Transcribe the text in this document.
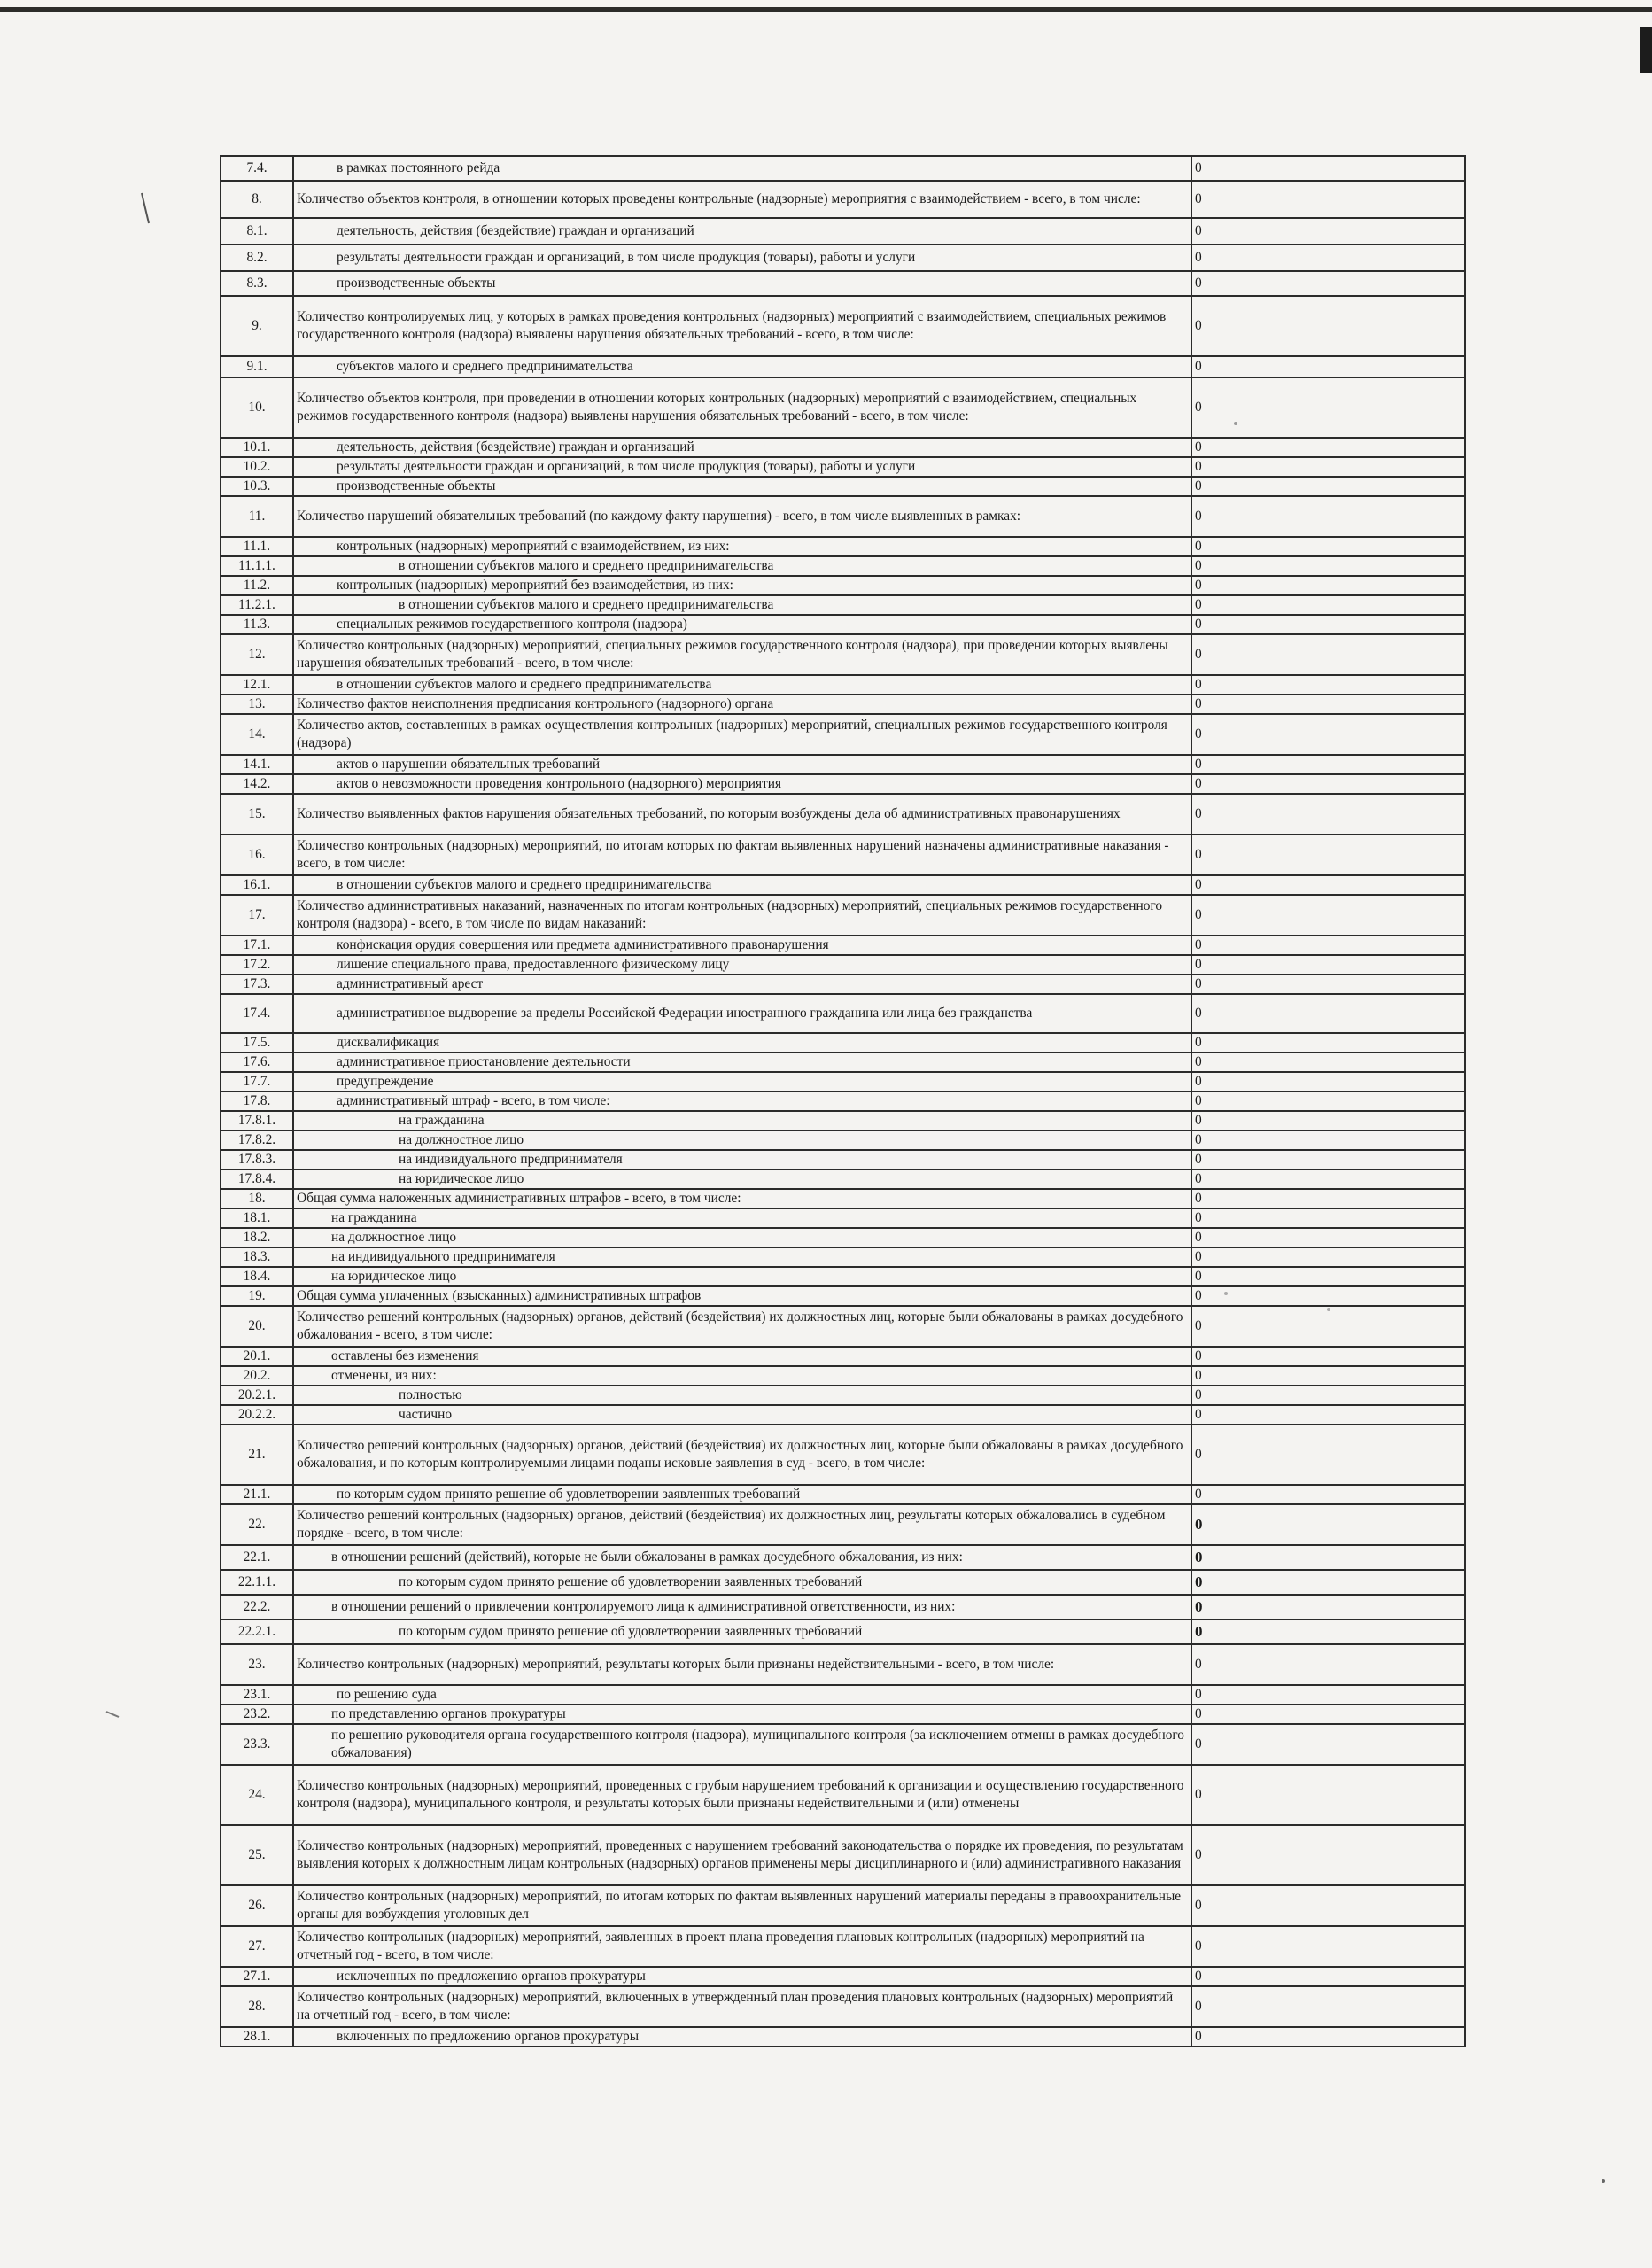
7.4.	в рамках постоянного рейда	0
8.	Количество объектов контроля, в отношении которых проведены контрольные (надзорные) мероприятия с взаимодействием - всего, в том числе:	0
8.1.	деятельность, действия (бездействие) граждан и организаций	0
8.2.	результаты деятельности граждан и организаций, в том числе продукция (товары), работы и услуги	0
8.3.	производственные объекты	0
9.	Количество контролируемых лиц, у которых в рамках проведения контрольных (надзорных) мероприятий с взаимодействием, специальных режимов государственного контроля (надзора) выявлены нарушения обязательных требований - всего, в том числе:	0
9.1.	субъектов малого и среднего предпринимательства	0
10.	Количество объектов контроля, при проведении в отношении которых контрольных (надзорных) мероприятий с взаимодействием, специальных режимов государственного контроля (надзора) выявлены нарушения обязательных требований - всего, в том числе:	0
10.1.	деятельность, действия (бездействие) граждан и организаций	0
10.2.	результаты деятельности граждан и организаций, в том числе продукция (товары), работы и услуги	0
10.3.	производственные объекты	0
11.	Количество нарушений обязательных требований (по каждому факту нарушения) - всего, в том числе выявленных в рамках:	0
11.1.	контрольных (надзорных) мероприятий с взаимодействием, из них:	0
11.1.1.	в отношении субъектов малого и среднего предпринимательства	0
11.2.	контрольных (надзорных) мероприятий без взаимодействия, из них:	0
11.2.1.	в отношении субъектов малого и среднего предпринимательства	0
11.3.	специальных режимов государственного контроля (надзора)	0
12.	Количество контрольных (надзорных) мероприятий, специальных режимов государственного контроля (надзора), при проведении которых выявлены нарушения обязательных требований - всего, в том числе:	0
12.1.	в отношении субъектов малого и среднего предпринимательства	0
13.	Количество фактов неисполнения предписания контрольного (надзорного) органа	0
14.	Количество актов, составленных в рамках осуществления контрольных (надзорных) мероприятий, специальных режимов государственного контроля (надзора)	0
14.1.	актов о нарушении обязательных требований	0
14.2.	актов о невозможности проведения контрольного (надзорного) мероприятия	0
15.	Количество выявленных фактов нарушения обязательных требований, по которым возбуждены дела об административных правонарушениях	0
16.	Количество контрольных (надзорных) мероприятий, по итогам которых по фактам выявленных нарушений назначены административные наказания - всего, в том числе:	0
16.1.	в отношении субъектов малого и среднего предпринимательства	0
17.	Количество административных наказаний, назначенных по итогам контрольных (надзорных) мероприятий, специальных режимов государственного контроля (надзора) - всего, в том числе по видам наказаний:	0
17.1.	конфискация орудия совершения или предмета административного правонарушения	0
17.2.	лишение специального права, предоставленного физическому лицу	0
17.3.	административный арест	0
17.4.	административное выдворение за пределы Российской Федерации иностранного гражданина или лица без гражданства	0
17.5.	дисквалификация	0
17.6.	административное приостановление деятельности	0
17.7.	предупреждение	0
17.8.	административный штраф - всего, в том числе:	0
17.8.1.	на гражданина	0
17.8.2.	на должностное лицо	0
17.8.3.	на индивидуального предпринимателя	0
17.8.4.	на юридическое лицо	0
18.	Общая сумма наложенных административных штрафов - всего, в том числе:	0
18.1.	на гражданина	0
18.2.	на должностное лицо	0
18.3.	на индивидуального предпринимателя	0
18.4.	на юридическое лицо	0
19.	Общая сумма уплаченных (взысканных) административных штрафов	0
20.	Количество решений контрольных (надзорных) органов, действий (бездействия) их должностных лиц, которые были обжалованы в рамках досудебного обжалования - всего, в том числе:	0
20.1.	оставлены без изменения	0
20.2.	отменены, из них:	0
20.2.1.	полностью	0
20.2.2.	частично	0
21.	Количество решений контрольных (надзорных) органов, действий (бездействия) их должностных лиц, которые были обжалованы в рамках досудебного обжалования, и по которым контролируемыми лицами поданы исковые заявления в суд - всего, в том числе:	0
21.1.	по которым судом принято решение об удовлетворении заявленных требований	0
22.	Количество решений контрольных (надзорных) органов, действий (бездействия) их должностных лиц, результаты которых обжаловались в судебном порядке - всего, в том числе:	0
22.1.	в отношении решений (действий), которые не были обжалованы в рамках досудебного обжалования, из них:	0
22.1.1.	по которым судом принято решение об удовлетворении заявленных требований	0
22.2.	в отношении решений о привлечении контролируемого лица к административной ответственности, из них:	0
22.2.1.	по которым судом принято решение об удовлетворении заявленных требований	0
23.	Количество контрольных (надзорных) мероприятий, результаты которых были признаны недействительными - всего, в том числе:	0
23.1.	по решению суда	0
23.2.	по представлению органов прокуратуры	0
23.3.	по решению руководителя органа государственного контроля (надзора), муниципального контроля (за исключением отмены в рамках досудебного обжалования)	0
24.	Количество контрольных (надзорных) мероприятий, проведенных с грубым нарушением требований к организации и осуществлению государственного контроля (надзора), муниципального контроля, и результаты которых были признаны недействительными и (или) отменены	0
25.	Количество контрольных (надзорных) мероприятий, проведенных с нарушением требований законодательства о порядке их проведения, по результатам выявления которых к должностным лицам контрольных (надзорных) органов применены меры дисциплинарного и (или) административного наказания	0
26.	Количество контрольных (надзорных) мероприятий, по итогам которых по фактам выявленных нарушений материалы переданы в правоохранительные органы для возбуждения уголовных дел	0
27.	Количество контрольных (надзорных) мероприятий, заявленных в проект плана проведения плановых контрольных (надзорных) мероприятий на отчетный год - всего, в том числе:	0
27.1.	исключенных по предложению органов прокуратуры	0
28.	Количество контрольных (надзорных) мероприятий, включенных в утвержденный план проведения плановых контрольных (надзорных) мероприятий на отчетный год - всего, в том числе:	0
28.1.	включенных по предложению органов прокуратуры	0
